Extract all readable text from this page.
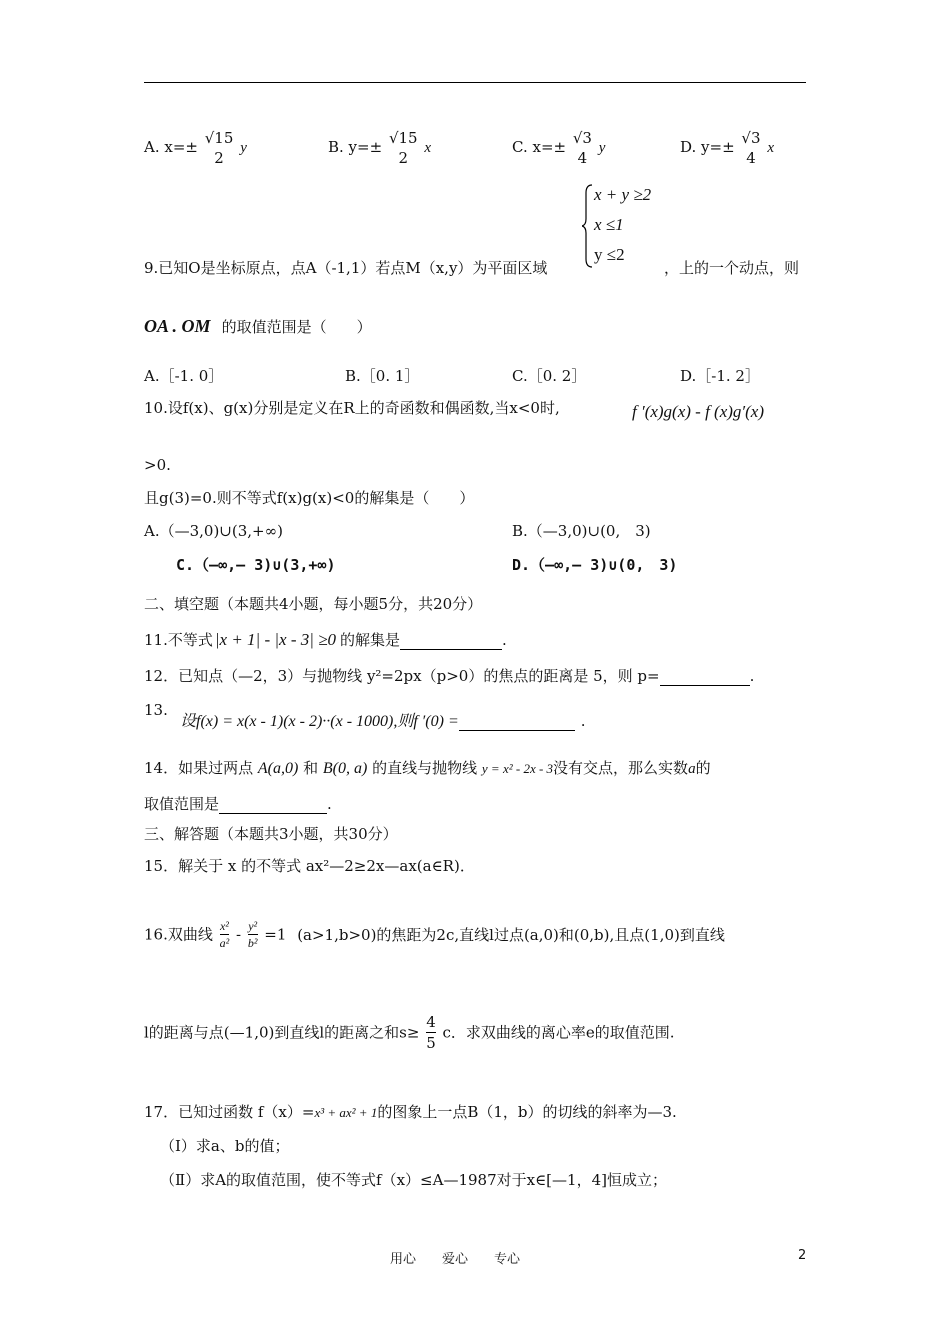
A. x=± √15
2
y	B. y=± √15
2
x	C. x=± √3
4
y	D. y=± √3
4
x
x + y ≥2
x ≤1
y ≤2
9.已知O是坐标原点，点A（-1,1）若点M（x,y）为平面区域	，上的一个动点，则
OA . OM 的取值范围是（　　）
A.［-1. 0］	B.［0. 1］	C.［0. 2］	D.［-1. 2］
10.设f(x)、g(x)分别是定义在R上的奇函数和偶函数,当x<0时,	f ′(x)g(x) - f (x)g′(x)
>0.
且g(3)=0.则不等式f(x)g(x)<0的解集是（　　）
A.（—3,0)∪(3,+∞)	B.（—3,0)∪(0,　3)
C.（—∞,— 3)∪(3,+∞)	D.（—∞,— 3)∪(0,　3)
二、填空题（本题共4小题，每小题5分，共20分）
11.不等式 |x + 1| - |x - 3| ≥0 的解集是	.
12．已知点（—2，3）与抛物线 y²=2px（p>0）的焦点的距离是 5，则 p=	.
13.
设f(x) = x(x - 1)(x - 2)··(x - 1000),则f ′(0) =	.
14．如果过两点 A(a,0) 和 B(0, a) 的直线与抛物线 y = x² - 2x - 3没有交点，那么实数a的
取值范围是	.
三、解答题（本题共3小题，共30分）
15．解关于 x 的不等式 ax²—2≥2x—ax(a∈R)．
16.双曲线 $\frac{\text{x²}}{\text{a²}} - \frac{\text{y²}}{\text{b²}} =1$ (a>1,b>0)的焦距为2c,直线l过点(a,0)和(0,b),且点(1,0)到直线
l的距离与点(—1,0)到直线l的距离之和$s\ge \frac{4}{5}$ c．求双曲线的离心率e的取值范围.
17．已知过函数 f（x）=x³ + ax² + 1的图象上一点B（1，b）的切线的斜率为—3.
（Ⅰ）求a、b的值；
（Ⅱ）求A的取值范围，使不等式f（x）≤A—1987对于x∈[—1，4]恒成立；
用心　　爱心　　专心	2
